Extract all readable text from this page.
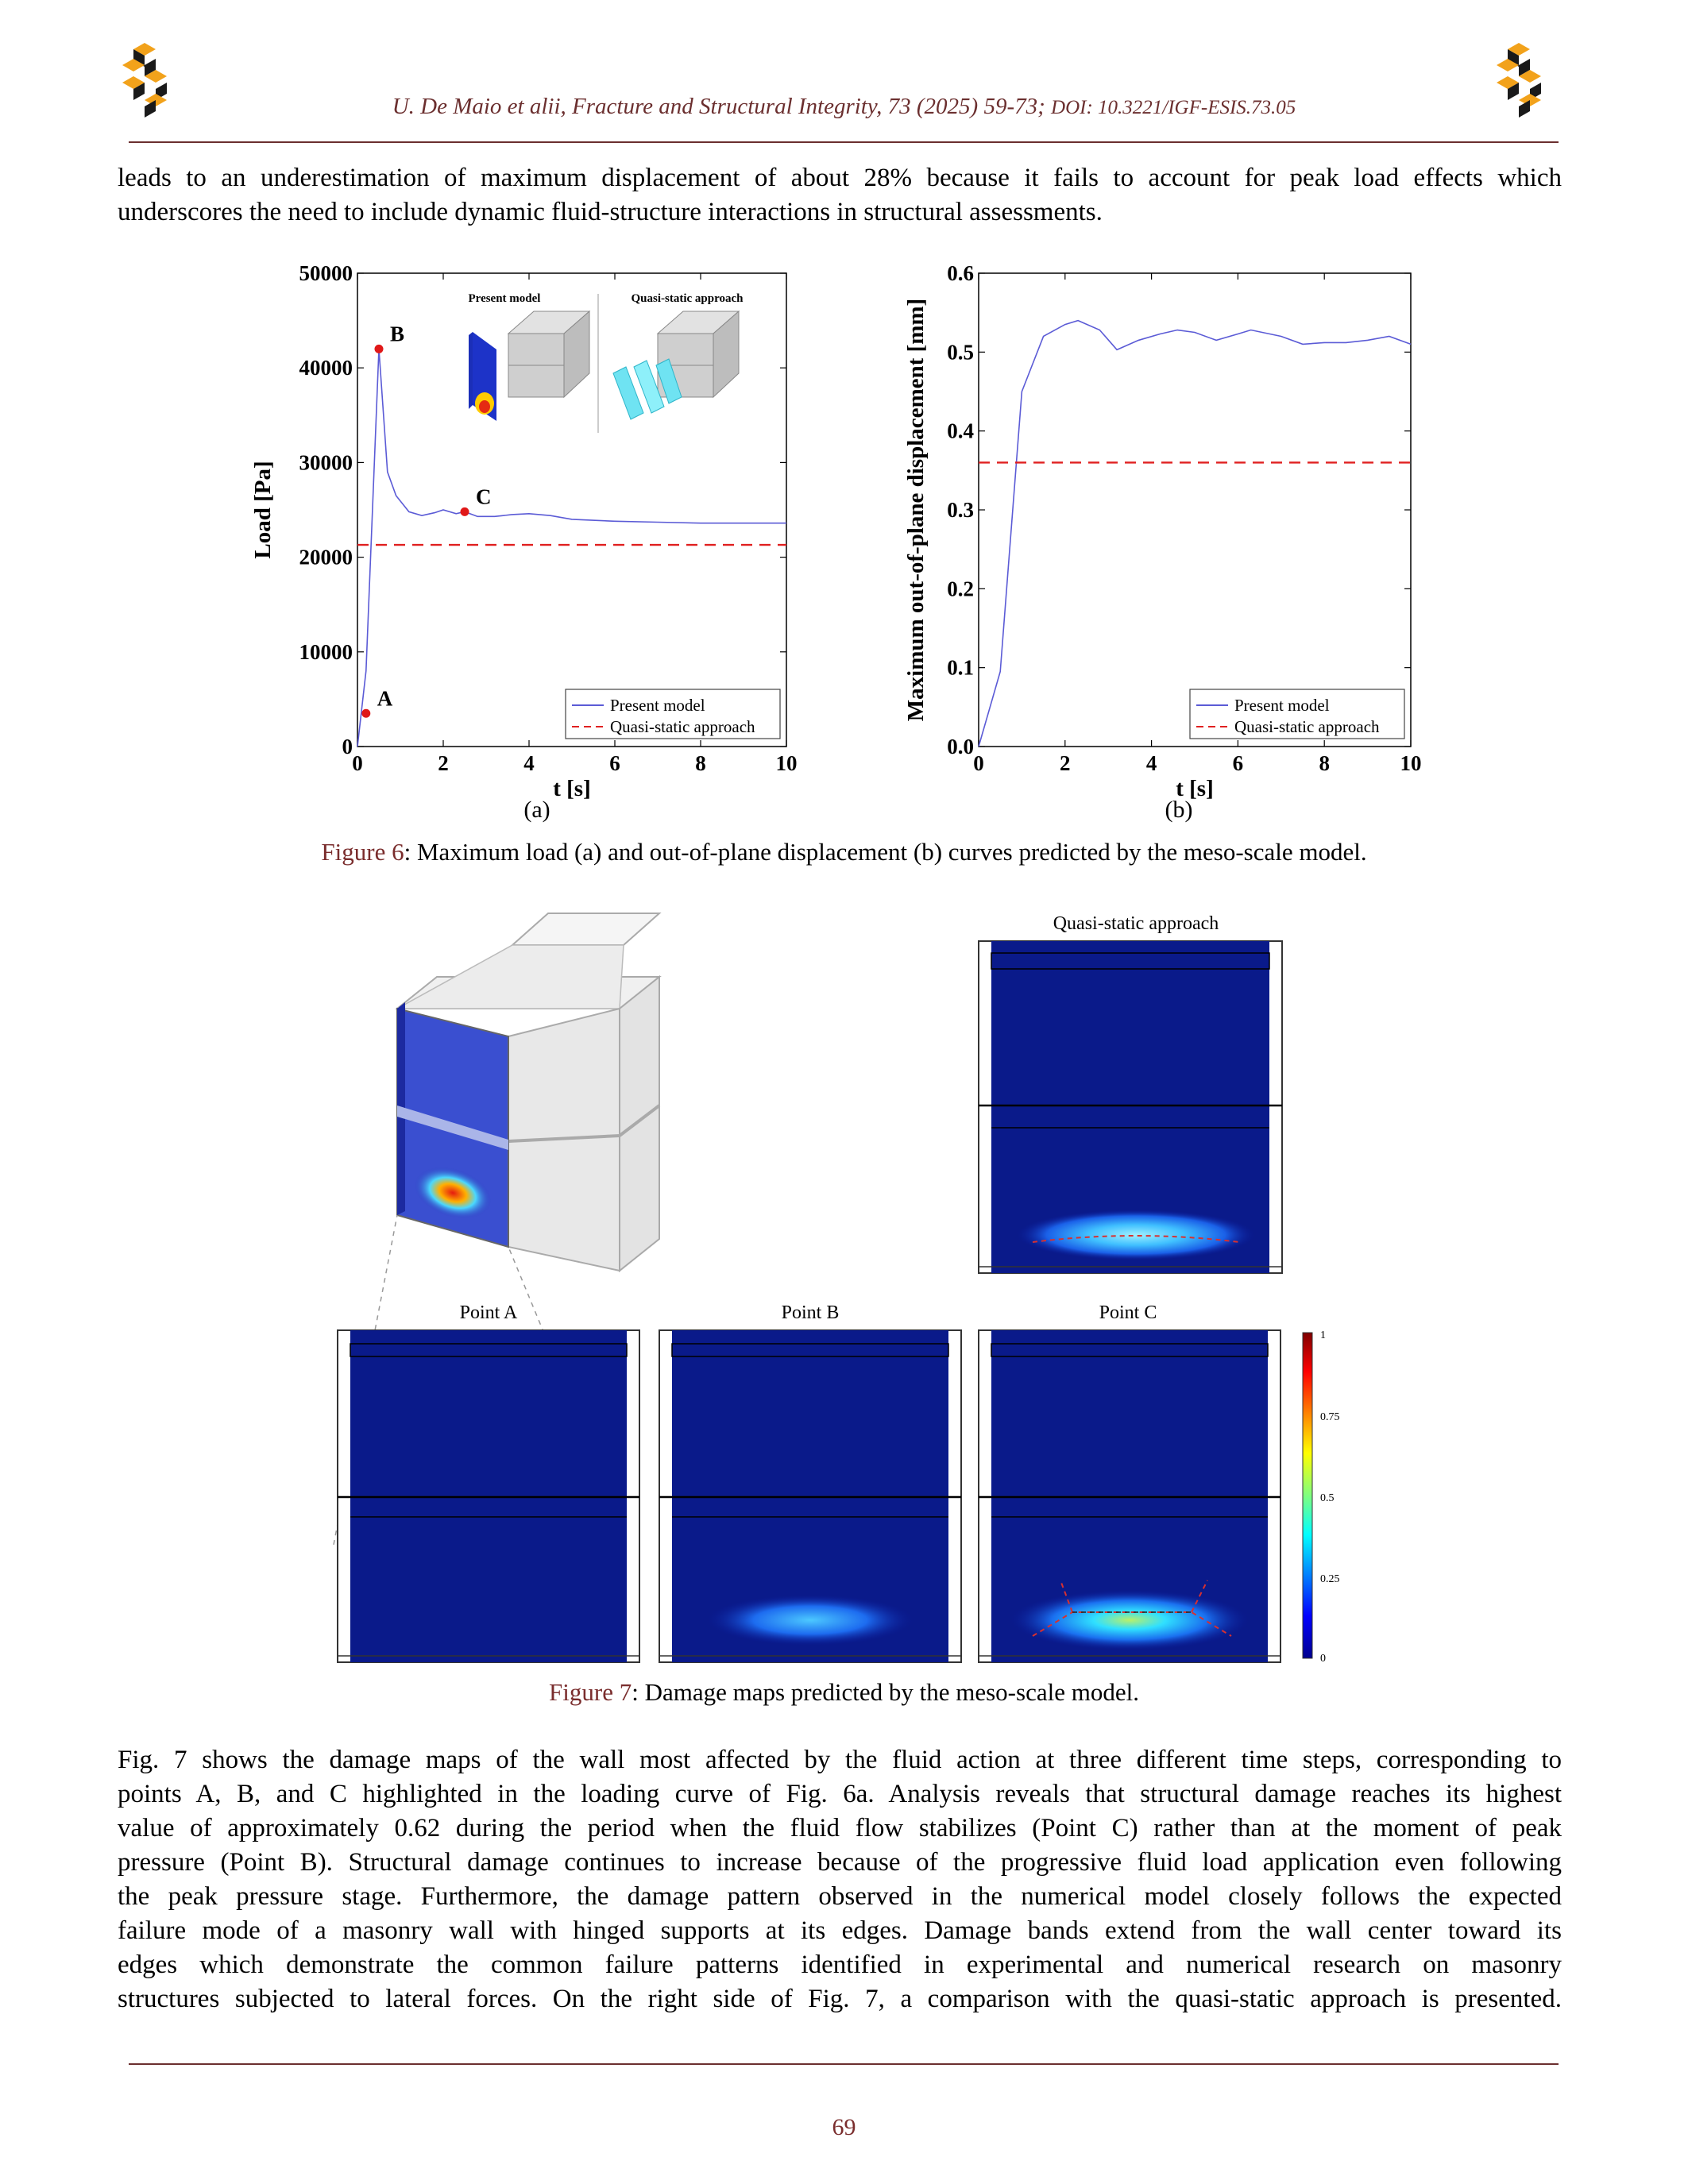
U. De Maio et alii, Fracture and Structural Integrity, 73 (2025) 59-73; DOI: 10.3221/IGF-ESIS.73.05
leads to an underestimation of maximum displacement of about 28% because it fails to account for peak load effects which
underscores the need to include dynamic fluid-structure interactions in structural assessments.
0	2	4	6	8	10
0
10000
20000
30000
40000
50000
A
B
C
Present model	Quasi-static approach
Present model
Quasi-static approach
t [s]
Load [Pa]
(a)
0	2	4	6	8	10
0.0
0.1
0.2
0.3
0.4
0.5
0.6
Present model
Quasi-static approach
t [s]
Maximum out-of-plane displacement [mm]
(b)
Figure 6: Maximum load (a) and out-of-plane displacement (b) curves predicted by the meso-scale model.
Quasi-static approach
Point A	Point B	Point C
1
0.75
0.5
0.25
0
Figure 7: Damage maps predicted by the meso-scale model.
Fig. 7 shows the damage maps of the wall most affected by the fluid action at three different time steps, corresponding to
points A, B, and C highlighted in the loading curve of Fig. 6a. Analysis reveals that structural damage reaches its highest
value of approximately 0.62 during the period when the fluid flow stabilizes (Point C) rather than at the moment of peak
pressure (Point B). Structural damage continues to increase because of the progressive fluid load application even following
the peak pressure stage. Furthermore, the damage pattern observed in the numerical model closely follows the expected
failure mode of a masonry wall with hinged supports at its edges. Damage bands extend from the wall center toward its
edges which demonstrate the common failure patterns identified in experimental and numerical research on masonry
structures subjected to lateral forces. On the right side of Fig. 7, a comparison with the quasi-static approach is presented.
69
